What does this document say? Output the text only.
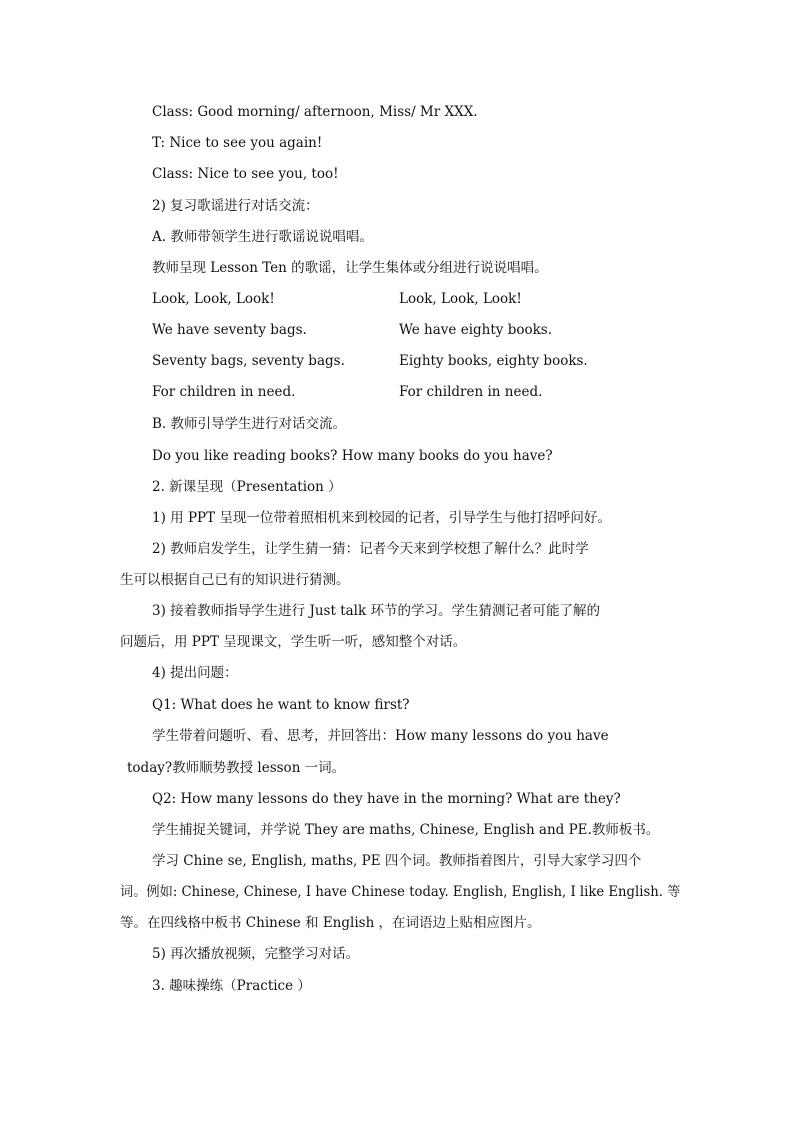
Class: Good morning/ afternoon, Miss/ Mr XXX.
T: Nice to see you again!
Class: Nice to see you, too!
2) 复习歌谣进行对话交流：
A. 教师带领学生进行歌谣说说唱唱。
教师呈现 Lesson Ten 的歌谣，让学生集体或分组进行说说唱唱。
Look, Look, Look!	Look, Look, Look!
We have seventy bags.	We have eighty books.
Seventy bags, seventy bags.	Eighty books, eighty books.
For children in need.	For children in need.
B. 教师引导学生进行对话交流。
Do you like reading books? How many books do you have?
2. 新课呈现（Presentation ）
1) 用 PPT 呈现一位带着照相机来到校园的记者，引导学生与他打招呼问好。
2) 教师启发学生，让学生猜一猜：记者今天来到学校想了解什么？此时学
生可以根据自己已有的知识进行猜测。
3) 接着教师指导学生进行 Just talk 环节的学习。学生猜测记者可能了解的
问题后，用 PPT 呈现课文，学生听一听，感知整个对话。
4) 提出问题：
Q1: What does he want to know first?
学生带着问题听、看、思考，并回答出：How many lessons do you have
today?教师顺势教授 lesson 一词。
Q2: How many lessons do they have in the morning? What are they?
学生捕捉关键词，并学说 They are maths, Chinese, English and PE.教师板书。
学习 Chine se, English, maths, PE 四个词。教师指着图片，引导大家学习四个
词。例如: Chinese, Chinese, I have Chinese today. English, English, I like English. 等
等。在四线格中板书 Chinese 和 English ，在词语边上贴相应图片。
5) 再次播放视频，完整学习对话。
3. 趣味操练（Practice ）
